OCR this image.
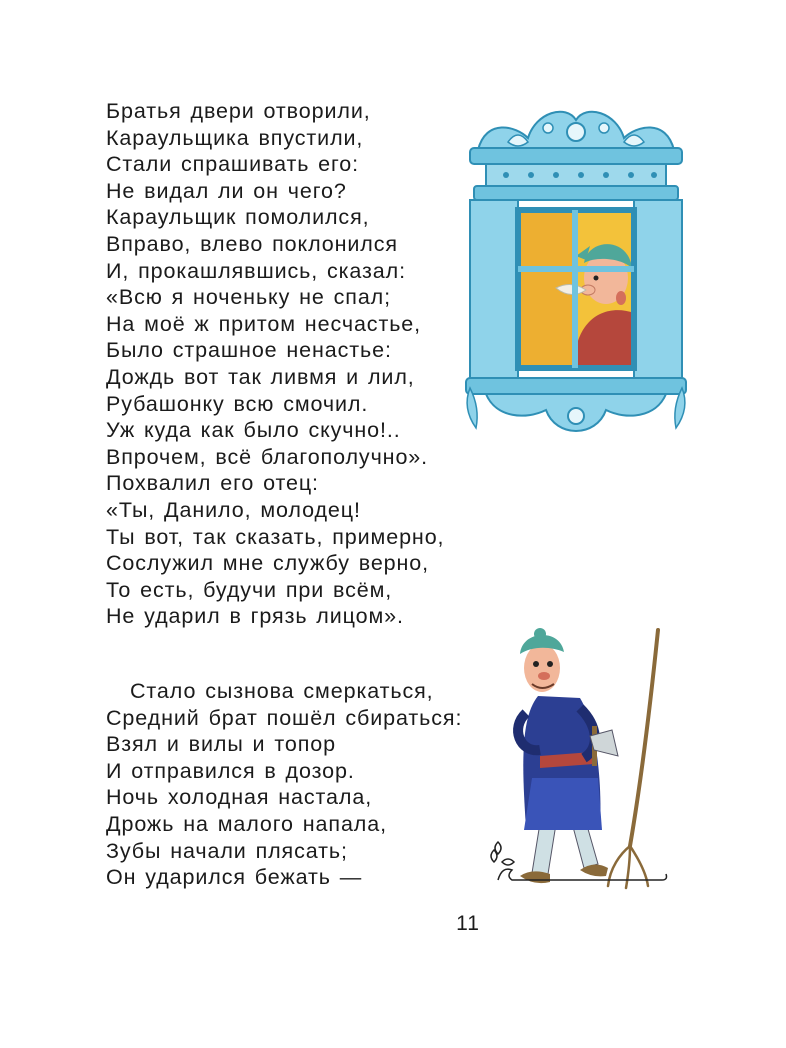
Братья двери отворили,
Караульщика впустили,
Стали спрашивать его:
Не видал ли он чего?
Караульщик помолился,
Вправо, влево поклонился
И, прокашлявшись, сказал:
«Всю я ноченьку не спал;
На моё ж притом несчастье,
Было страшное ненастье:
Дождь вот так ливмя и лил,
Рубашонку всю смочил.
Уж куда как было скучно!..
Впрочем, всё благополучно».
Похвалил его отец:
«Ты, Данило, молодец!
Ты вот, так сказать, примерно,
Сослужил мне службу верно,
То есть, будучи при всём,
Не ударил в грязь лицом».
Стало сызнова смеркаться,
Средний брат пошёл сбираться:
Взял и вилы и топор
И отправился в дозор.
Ночь холодная настала,
Дрожь на малого напала,
Зубы начали плясать;
Он ударился бежать —
11
